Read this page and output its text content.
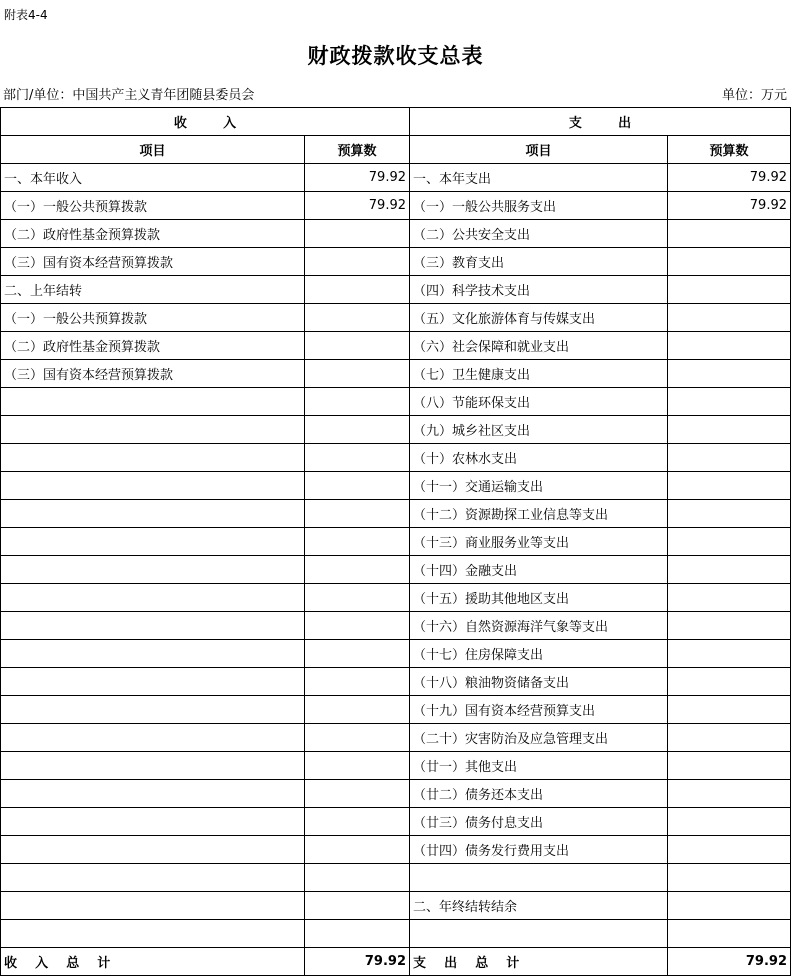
附表4-4
财政拨款收支总表
部门/单位：中国共产主义青年团随县委员会	单位：万元
收        入		支        出	
项目	预算数	项目	预算数
一、本年收入	79.92	一、本年支出	79.92
（一）一般公共预算拨款	79.92	（一）一般公共服务支出	79.92
（二）政府性基金预算拨款		（二）公共安全支出	
（三）国有资本经营预算拨款		（三）教育支出	
二、上年结转		（四）科学技术支出	
（一）一般公共预算拨款		（五）文化旅游体育与传媒支出	
（二）政府性基金预算拨款		（六）社会保障和就业支出	
（三）国有资本经营预算拨款		（七）卫生健康支出	
		（八）节能环保支出	
		（九）城乡社区支出	
		（十）农林水支出	
		（十一）交通运输支出	
		（十二）资源勘探工业信息等支出	
		（十三）商业服务业等支出	
		（十四）金融支出	
		（十五）援助其他地区支出	
		（十六）自然资源海洋气象等支出	
		（十七）住房保障支出	
		（十八）粮油物资储备支出	
		（十九）国有资本经营预算支出	
		（二十）灾害防治及应急管理支出	
		（廿一）其他支出	
		（廿二）债务还本支出	
		（廿三）债务付息支出	
		（廿四）债务发行费用支出	

		二、年终结转结余	

收    入    总    计	79.92	支    出    总    计	79.92
